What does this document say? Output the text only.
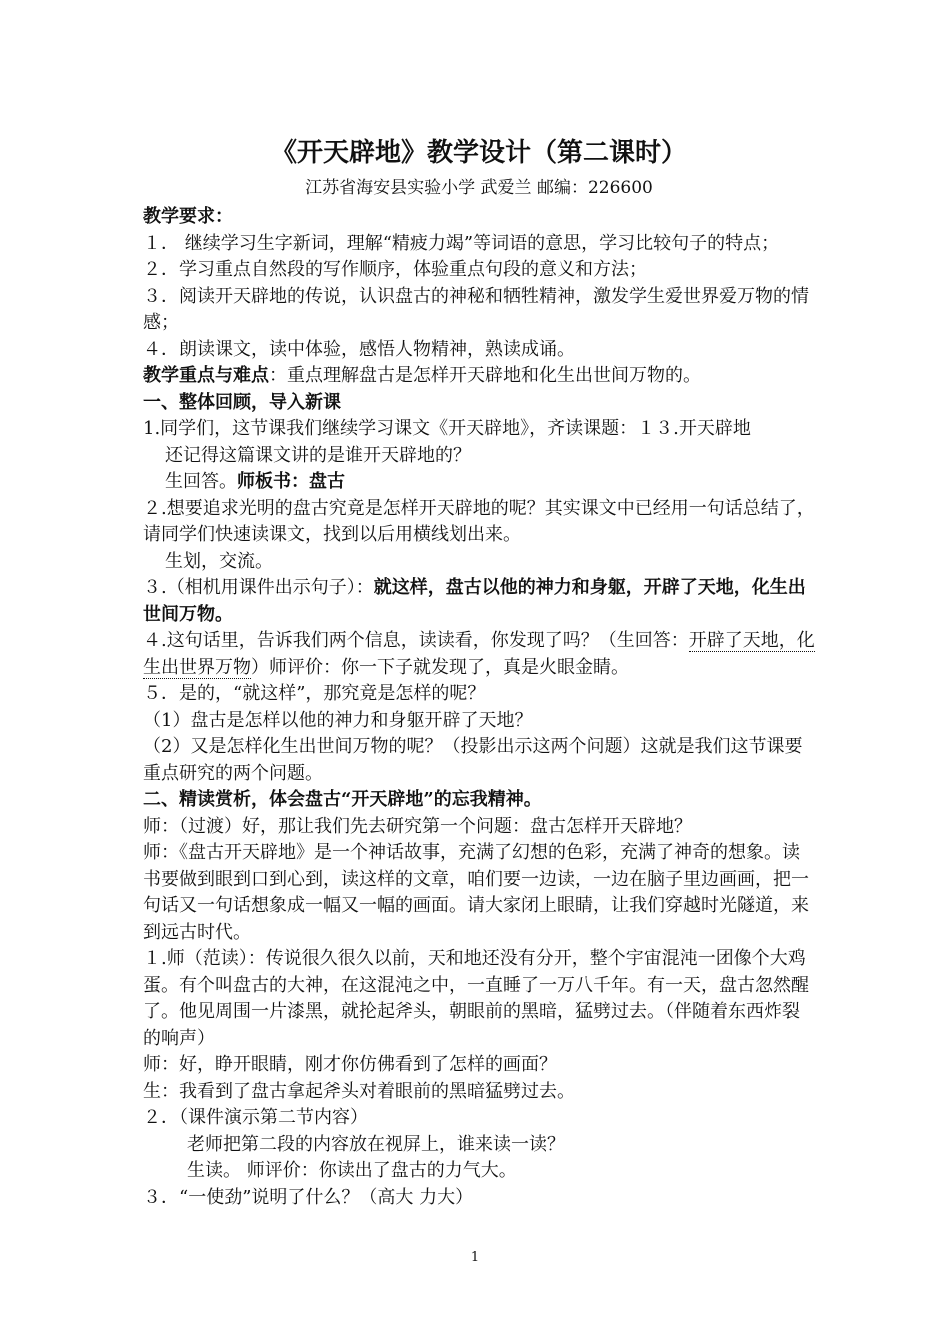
《开天辟地》教学设计（第二课时）

江苏省海安县实验小学 武爱兰 邮编：226600

教学要求：

１． 继续学习生字新词，理解“精疲力竭”等词语的意思，学习比较句子的特点；

２．学习重点自然段的写作顺序，体验重点句段的意义和方法；

３．阅读开天辟地的传说，认识盘古的神秘和牺牲精神，激发学生爱世界爱万物的情感；

４．朗读课文，读中体验，感悟人物精神，熟读成诵。

教学重点与难点：重点理解盘古是怎样开天辟地和化生出世间万物的。

一、整体回顾，导入新课

1.同学们，这节课我们继续学习课文《开天辟地》，齐读课题：１３.开天辟地

还记得这篇课文讲的是谁开天辟地的？

生回答。师板书：盘古

２.想要追求光明的盘古究竟是怎样开天辟地的呢？其实课文中已经用一句话总结了，请同学们快速读课文，找到以后用横线划出来。

生划，交流。

３.（相机用课件出示句子）：就这样，盘古以他的神力和身躯，开辟了天地，化生出世间万物。

４.这句话里，告诉我们两个信息，读读看，你发现了吗？（生回答：开辟了天地，化生出世界万物）师评价：你一下子就发现了，真是火眼金睛。

５．是的，“就这样”，那究竟是怎样的呢？

（1）盘古是怎样以他的神力和身躯开辟了天地？

（2）又是怎样化生出世间万物的呢？（投影出示这两个问题）这就是我们这节课要重点研究的两个问题。

二、精读赏析，体会盘古“开天辟地”的忘我精神。

师：（过渡）好，那让我们先去研究第一个问题：盘古怎样开天辟地？

师：《盘古开天辟地》是一个神话故事，充满了幻想的色彩，充满了神奇的想象。读书要做到眼到口到心到，读这样的文章，咱们要一边读，一边在脑子里边画画，把一句话又一句话想象成一幅又一幅的画面。请大家闭上眼睛，让我们穿越时光隧道，来到远古时代。

１.师（范读）：传说很久很久以前，天和地还没有分开，整个宇宙混沌一团像个大鸡蛋。有个叫盘古的大神，在这混沌之中，一直睡了一万八千年。有一天，盘古忽然醒了。他见周围一片漆黑，就抡起斧头，朝眼前的黑暗，猛劈过去。（伴随着东西炸裂的响声）

师：好，睁开眼睛，刚才你仿佛看到了怎样的画面？

生：我看到了盘古拿起斧头对着眼前的黑暗猛劈过去。

２．（课件演示第二节内容）

老师把第二段的内容放在视屏上，谁来读一读？

生读。 师评价：你读出了盘古的力气大。

３．“一使劲”说明了什么？（高大 力大）

1
